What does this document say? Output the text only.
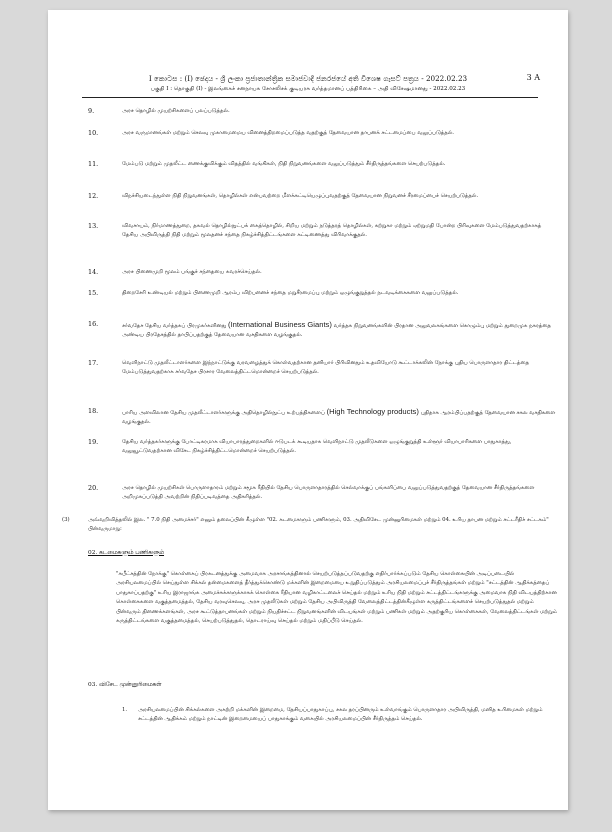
I කොටස : (I) ඡෙදය - ශ්‍රී ලංකා ප්‍රජාතාන්ත්‍රික සමාජවාදී ජනරජයේ අති විශෙෂ ගැසට් පත්‍රය - 2022.02.23	3 A
பகுதி I : தொகுதி (I) - இலங்கைச் சனநாயக சோசலிசக் குடியரசு வர்த்தமானப் பத்திரிகை – அதி விசேஷமானது - 2022.02.23
9.	அரச தொழில் முயற்சிகளைப் பலப்படுத்தல்.
10.	அரச வருமானங்கள் மற்றும் செலவு முகாமைமைய வினைத்திறமைப்படுத்த வதற்குத் தேவையான தாபனக் சட்டமைப்பை வலுப்படுத்தல்.
11.	மேம்படு மற்றும் முதலீட்ட ணைக்குவிக்கும் விதத்தில் வங்கிகள், நிதி நிறுவனங்களை வலுப்படுத்தும் சீர்திருத்தங்களை செயற்படுத்தல்.
12.	விநச்சியடைந்துள்ள நிதி நிறுவனங்கள், தொழில்கள் என்பவற்றை மீளக்கட்டியெழுப்புவதற்குத் தேவையான நிறுவனச் சீரமைப்பைச் செயற்படுத்தல்.
13.	விவசாயம், நிர்மாணத்துறை, தகவல் தொழில்நுட்பக் கைத்தொழில், சிறிய மற்றும் நடுத்தரத் தொழில்கள், கற்றுகா மற்றும் ஏற்றுமதி போன்ற பிரிவுகளை மேம்படுத்துவதற்காகத் தேசிய அபிவிருத்தி நிதி மற்றும் மூலதனச் சந்தை நிகழ்ச்சித்திட்டங்களை கட்டிணைத்து விரிவாக்குதல்.
14.	அரச பிணைமுறி மூலம் பங்குச் சந்தையை கவரச்செய்தல்.
15.	திறைசேரி உண்டியல் மற்றும் பிணைமுறி ஆரம்ப விற்பனைச் சந்தை மறுசீரமைப்பு மற்றும் ஒழுங்குறுத்தல் நடவடிக்கைகளை வலுப்படுத்தல்.
16.	சர்வதேச தேசிய வர்த்தகப் பிரமுகர்களினது (International Business Giants) வர்த்தக நிறுவனங்களின் பிரதான அலுவலகங்களை கொழும்பு மற்றும் துறைமுக நகரத்தை அண்டிய பிரதேசத்தில் தாபிப்பதற்குத் தேவையான வசதிகளை வழங்குதல்.
17.	வெளிநாட்டு முதலீட்டாளர்களை இந்நாட்டுக்கு வரவழைத்துக் கொள்வதற்கான தனியார் பிரிவினதும் உதவியோடு கூட்டாக்கலின் நோக்கு புதிய பொருளாதார திட்டத்தை மேம்படுத்துவதற்காக சர்வதேச பிரசார வேலைத்திட்டமொன்றைச் செயற்படுத்தல்.
18.	பாரிய அளவிலான தேசிய முதலீட்டாளர்களுக்கு அதிதொழில்நுட்ப உற்பத்திகளைப் (High Technology products) புதிதாக ஆரம்பிப்பதற்குத் தேவையான சகல வசதிகளை வழங்குதல்.
19.	தேசிய வர்த்தகர்களுக்கு போட்டிகரமாக வியாபாரத்துறைகளில் ஈடுபடக் கூடியதாக வெளிநாட்டு முதலீடுகளை ஒழுங்குறுத்தி உள்ளூர் வியாபாரிகளை பாதுகாத்து, வலுவூட்டுவதற்கான விசேட நிகழ்ச்சித்திட்டமொன்றைச் செயற்படுத்தல்.
20.	அரச தொழில் முயற்சிகள் பொருளாதாரம் மற்றும் சமூக ரீதியில் தேசிய பொருளாதாரத்தில் செல்வாக்குப் பங்களிப்பை வலுப்படுத்துவதற்குத் தேவையான சீர்திருத்தங்களை அறிமுகப்படுத்தி அவற்றின் நிதிப்படிவத்தை அதிகரித்தல்.
(3)	அவ்வறிவித்தலில் இல. " 7.0 நிதி அமைச்சர்" எனும் தலைப்பின் கீழுள்ள "02. கடமைகளும் பணிகளும், 03. அதிவிசேட முன்னுரிமைகள் மற்றும் 04. உரிய தாபன மற்றும் சட்டரீதிச் சட்டகம்" பின்வருமாறு:
02. கடமைகளும் பணிகளும்
"சுபீட்சத்தின் நோக்கு" கொள்கைப் பிரகடனத்துக்கு அமைவாக அரசாங்கத்தினால் செயற்படுத்தப்படுவதற்கு எதிர்பார்க்கப்படும் தேசிய கொள்கையின் அடிப்படையில் அரசியலமைப்பில் செய்துள்ள சிக்கல் தன்மைகளைத் தீர்த்துக்கொண்டு மக்களின் இறைமையை உறுதிப்படுத்தும் அரசியலமைப்புச் சீர்திருத்தங்கள் மற்றும் "சட்டத்தின் ஆதிக்கத்தைப் பாதுகாப்பதற்கு" உரிய இராஜாங்க அமைச்சுக்களுக்காகக் கொள்கை ரீதியான வழிகாட்டலைச் செய்தல் மற்றும் உரிய நிதி மற்றும் சட்டத்திட்டங்களுக்கு அமைவாக நிதி விடயத்திற்கான கொள்கைகளை வகுத்தமைத்தல், தேசிய வரவுசெலவு, அரச முதலீடுகள் மற்றும் தேசிய அபிவிருத்தி வேலைத்திட்டத்தின்கீழுள்ள கருத்திட்டங்களைச் செயற்படுத்துதல் மற்றும் பின்வரும் திணைக்களங்கள், அரச கூட்டுத்தாபனங்கள் மற்றும் நியதிச்சட்ட நிறுவனங்களின் விடயங்கள் மற்றும் பணிகள் மற்றும் அதற்குரிய கொள்கைகள், வேலைத்திட்டங்கள் மற்றும் கருத்திட்டங்களை வகுத்தமைத்தல், செயற்படுத்துதல், தொடராய்வு செய்தல் மற்றும் மதிப்பீடு செய்தல்.
03. விசேட முன்னுரிமைகள்
1. அரசியலமைப்பின் சிக்கல்களை அகற்றி மக்களின் இறைமை, தேசியப்பாதுகாப்பு, சகல தரப்பினரும் உள்வாங்கும் பொருளாதார அபிவிருத்தி, மனித உரிமைகள் மற்றும் சட்டத்தின் ஆதிக்கம் மற்றும் நாட்டின் இறைமையைப் பாதுகாக்கும் வகையில் அரசியலமைப்பின் சீர்திருத்தம் செய்தல்.
